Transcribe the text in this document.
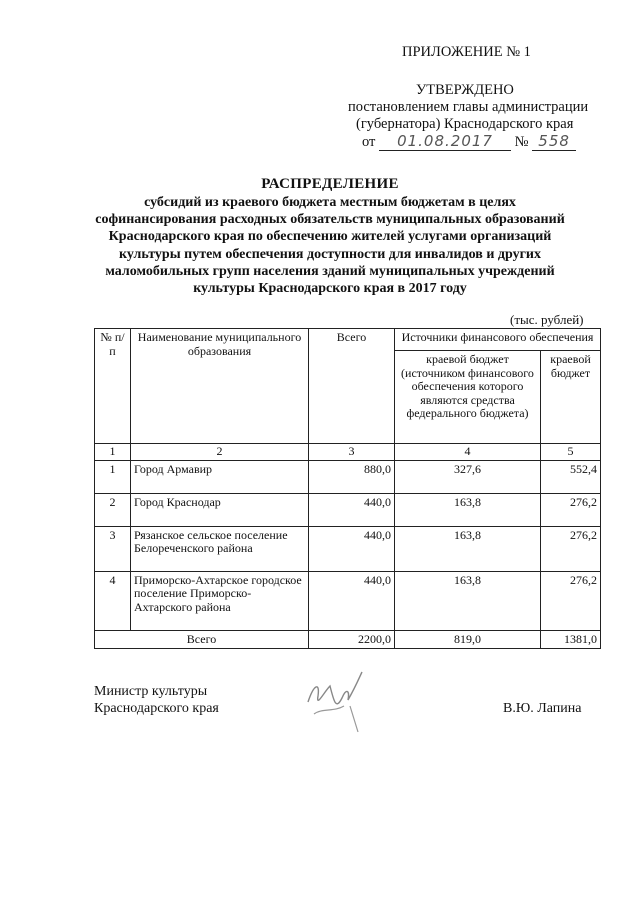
ПРИЛОЖЕНИЕ № 1
УТВЕРЖДЕНО
постановлением главы администрации
(губернатора) Краснодарского края
от 01.08.2017 № 558
РАСПРЕДЕЛЕНИЕ
субсидий из краевого бюджета местным бюджетам в целях
софинансирования расходных обязательств муниципальных образований
Краснодарского края по обеспечению жителей услугами организаций
культуры путем обеспечения доступности для инвалидов и других
маломобильных групп населения зданий муниципальных учреждений
культуры Краснодарского края в 2017 году
(тыс. рублей)
№ п/п	Наименование муниципального образования	Всего	Источники финансового обеспечения	
			краевой бюджет (источником финансового обеспечения которого являются средства федерального бюджета)	краевой бюджет
1	2	3	4	5
1	Город Армавир	880,0	327,6	552,4
2	Город Краснодар	440,0	163,8	276,2
3	Рязанское сельское поселение Белореченского района	440,0	163,8	276,2
4	Приморско-Ахтарское городское поселение Приморско-Ахтарского района	440,0	163,8	276,2
Всего		2200,0	819,0	1381,0
Министр культуры
Краснодарского края	В.Ю. Лапина
